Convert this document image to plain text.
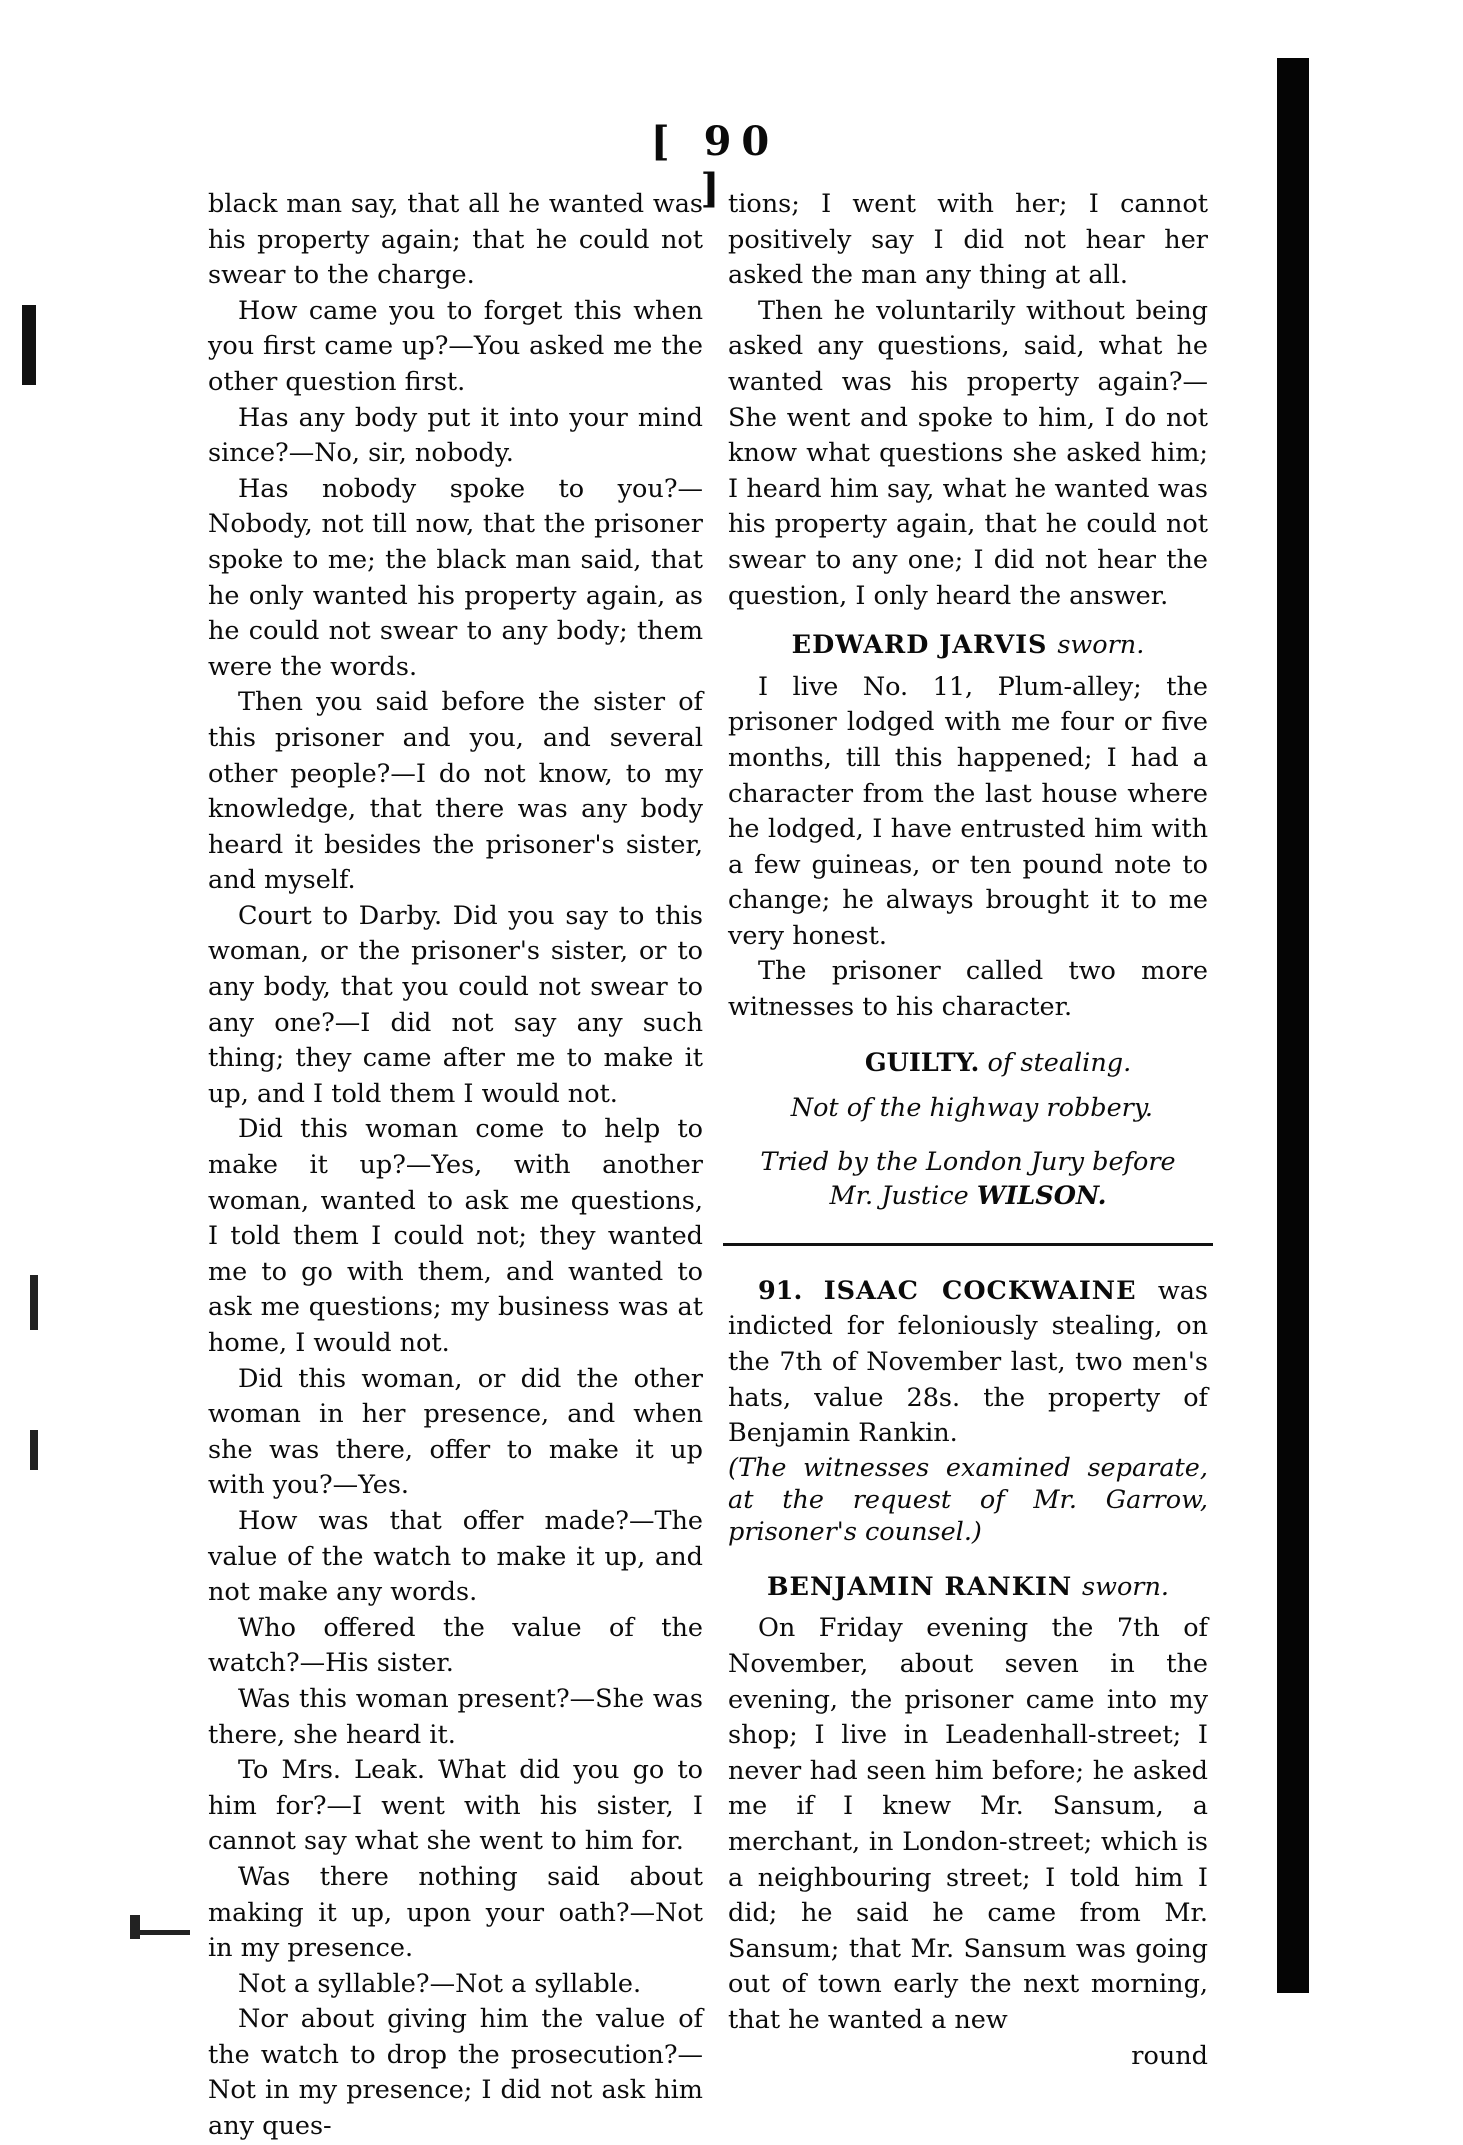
[ 90 ]

black man say, that all he wanted was his property again; that he could not swear to the charge.

How came you to forget this when you first came up?—You asked me the other question first.

Has any body put it into your mind since?—No, sir, nobody.

Has nobody spoke to you?—Nobody, not till now, that the prisoner spoke to me; the black man said, that he only wanted his property again, as he could not swear to any body; them were the words.

Then you said before the sister of this prisoner and you, and several other people?—I do not know, to my knowledge, that there was any body heard it besides the prisoner's sister, and myself.

Court to Darby. Did you say to this woman, or the prisoner's sister, or to any body, that you could not swear to any one?—I did not say any such thing; they came after me to make it up, and I told them I would not.

Did this woman come to help to make it up?—Yes, with another woman, wanted to ask me questions, I told them I could not; they wanted me to go with them, and wanted to ask me questions; my business was at home, I would not.

Did this woman, or did the other woman in her presence, and when she was there, offer to make it up with you?—Yes.

How was that offer made?—The value of the watch to make it up, and not make any words.

Who offered the value of the watch?—His sister.

Was this woman present?—She was there, she heard it.

To Mrs. Leak. What did you go to him for?—I went with his sister, I cannot say what she went to him for.

Was there nothing said about making it up, upon your oath?—Not in my presence.

Not a syllable?—Not a syllable.

Nor about giving him the value of the watch to drop the prosecution?—Not in my presence; I did not ask him any ques-

tions; I went with her; I cannot positively say I did not hear her asked the man any thing at all.

Then he voluntarily without being asked any questions, said, what he wanted was his property again?—She went and spoke to him, I do not know what questions she asked him; I heard him say, what he wanted was his property again, that he could not swear to any one; I did not hear the question, I only heard the answer.

EDWARD JARVIS sworn.

I live No. 11, Plum-alley; the prisoner lodged with me four or five months, till this happened; I had a character from the last house where he lodged, I have entrusted him with a few guineas, or ten pound note to change; he always brought it to me very honest.

The prisoner called two more witnesses to his character.

GUILTY. of stealing.
Not of the highway robbery.
Tried by the London Jury before
Mr. Justice WILSON.

91. ISAAC COCKWAINE was indicted for feloniously stealing, on the 7th of November last, two men's hats, value 28s. the property of Benjamin Rankin.

(The witnesses examined separate, at the request of Mr. Garrow, prisoner's counsel.)

BENJAMIN RANKIN sworn.

On Friday evening the 7th of November, about seven in the evening, the prisoner came into my shop; I live in Leadenhall-street; I never had seen him before; he asked me if I knew Mr. Sansum, a merchant, in London-street; which is a neighbouring street; I told him I did; he said he came from Mr. Sansum; that Mr. Sansum was going out of town early the next morning, that he wanted a new

round
